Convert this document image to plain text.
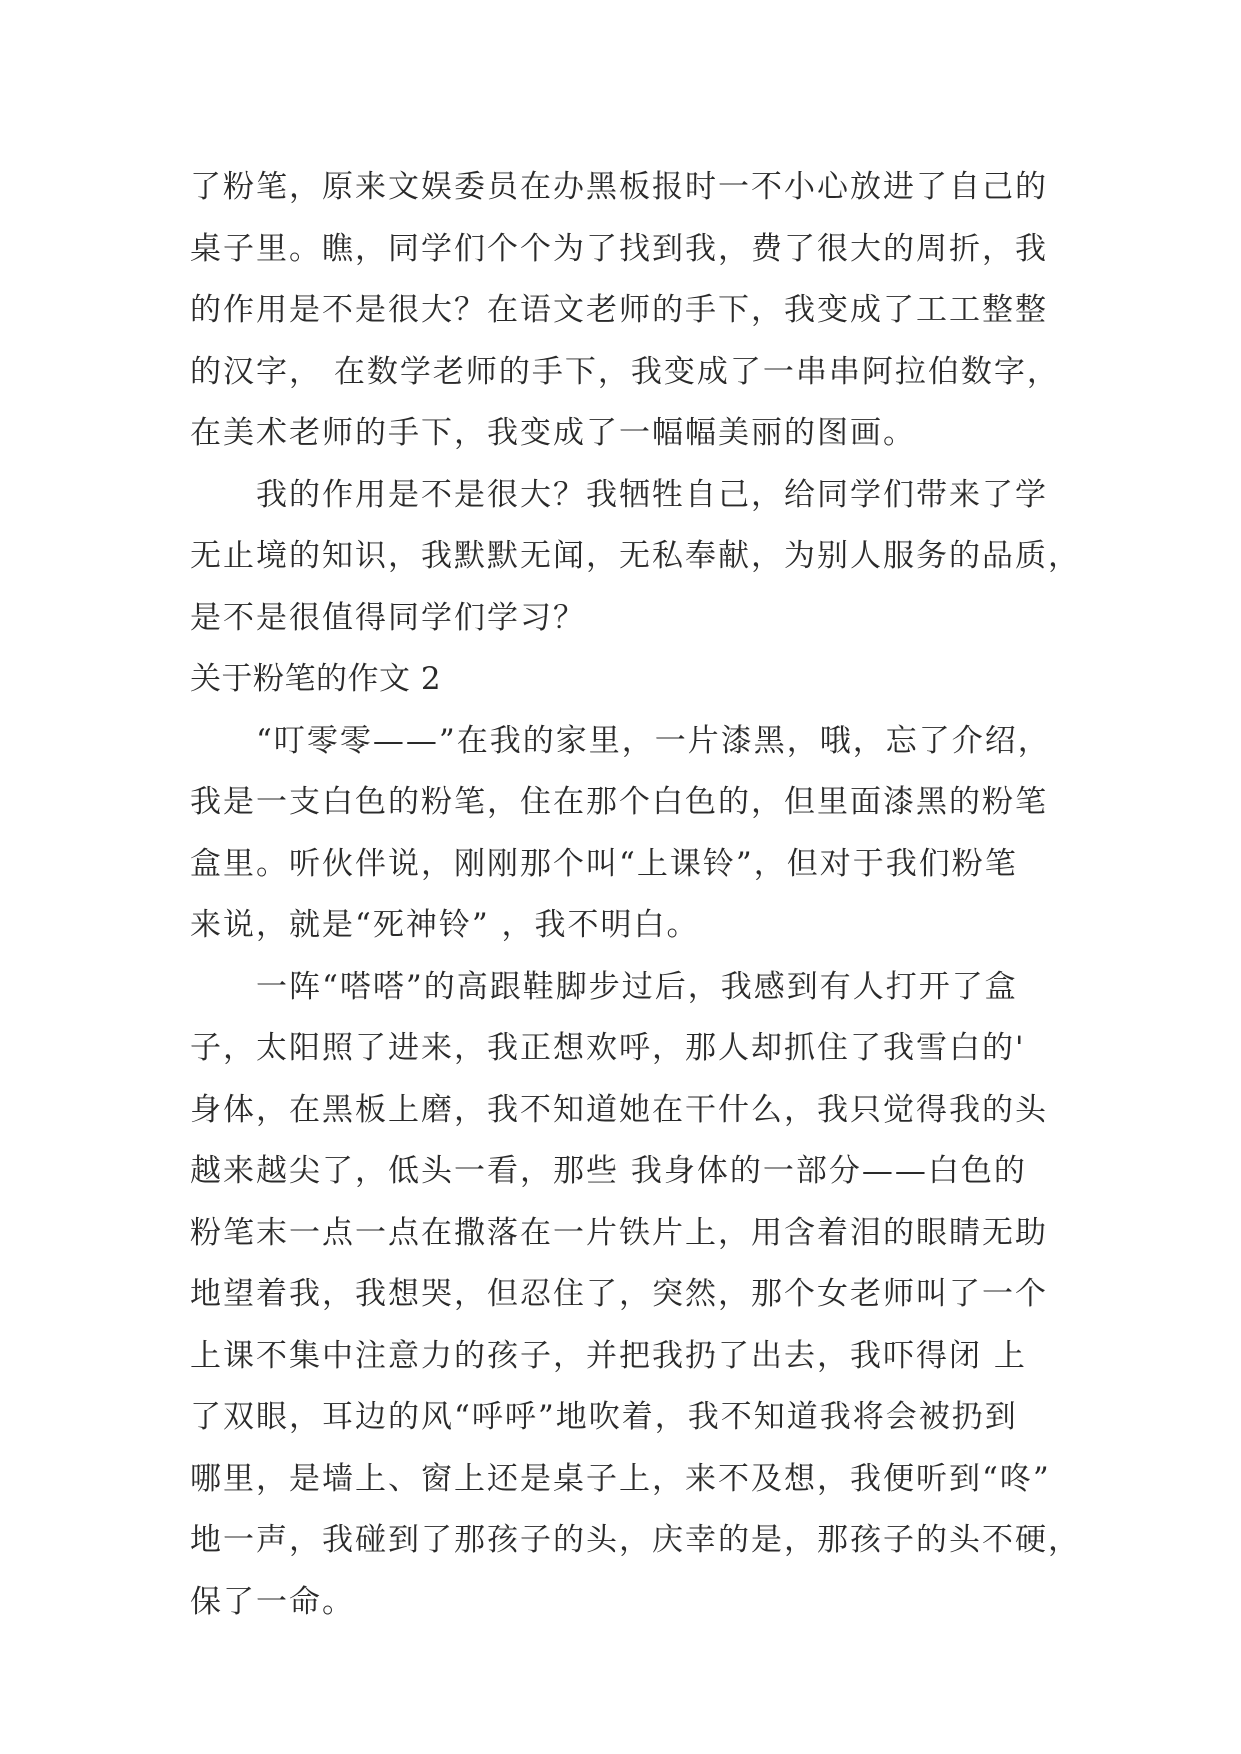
了粉笔，原来文娱委员在办黑板报时一不小心放进了自己的
桌子里。瞧，同学们个个为了找到我，费了很大的周折，我
的作用是不是很大？在语文老师的手下，我变成了工工整整
的汉字， 在数学老师的手下，我变成了一串串阿拉伯数字，
在美术老师的手下，我变成了一幅幅美丽的图画。
我的作用是不是很大？我牺牲自己，给同学们带来了学
无止境的知识，我默默无闻，无私奉献，为别人服务的品质，
是不是很值得同学们学习？
关于粉笔的作文 2
“叮零零——”在我的家里，一片漆黑，哦，忘了介绍，
我是一支白色的粉笔，住在那个白色的，但里面漆黑的粉笔
盒里。听伙伴说，刚刚那个叫“上课铃”，但对于我们粉笔
来说，就是“死神铃” ，我不明白。
一阵“嗒嗒”的高跟鞋脚步过后，我感到有人打开了盒
子，太阳照了进来，我正想欢呼，那人却抓住了我雪白的'
身体，在黑板上磨，我不知道她在干什么，我只觉得我的头
越来越尖了，低头一看，那些 我身体的一部分——白色的
粉笔末一点一点在撒落在一片铁片上，用含着泪的眼睛无助
地望着我，我想哭，但忍住了，突然，那个女老师叫了一个
上课不集中注意力的孩子，并把我扔了出去，我吓得闭 上
了双眼，耳边的风“呼呼”地吹着，我不知道我将会被扔到
哪里，是墙上、窗上还是桌子上，来不及想，我便听到“咚”
地一声，我碰到了那孩子的头，庆幸的是，那孩子的头不硬，
保了一命。
